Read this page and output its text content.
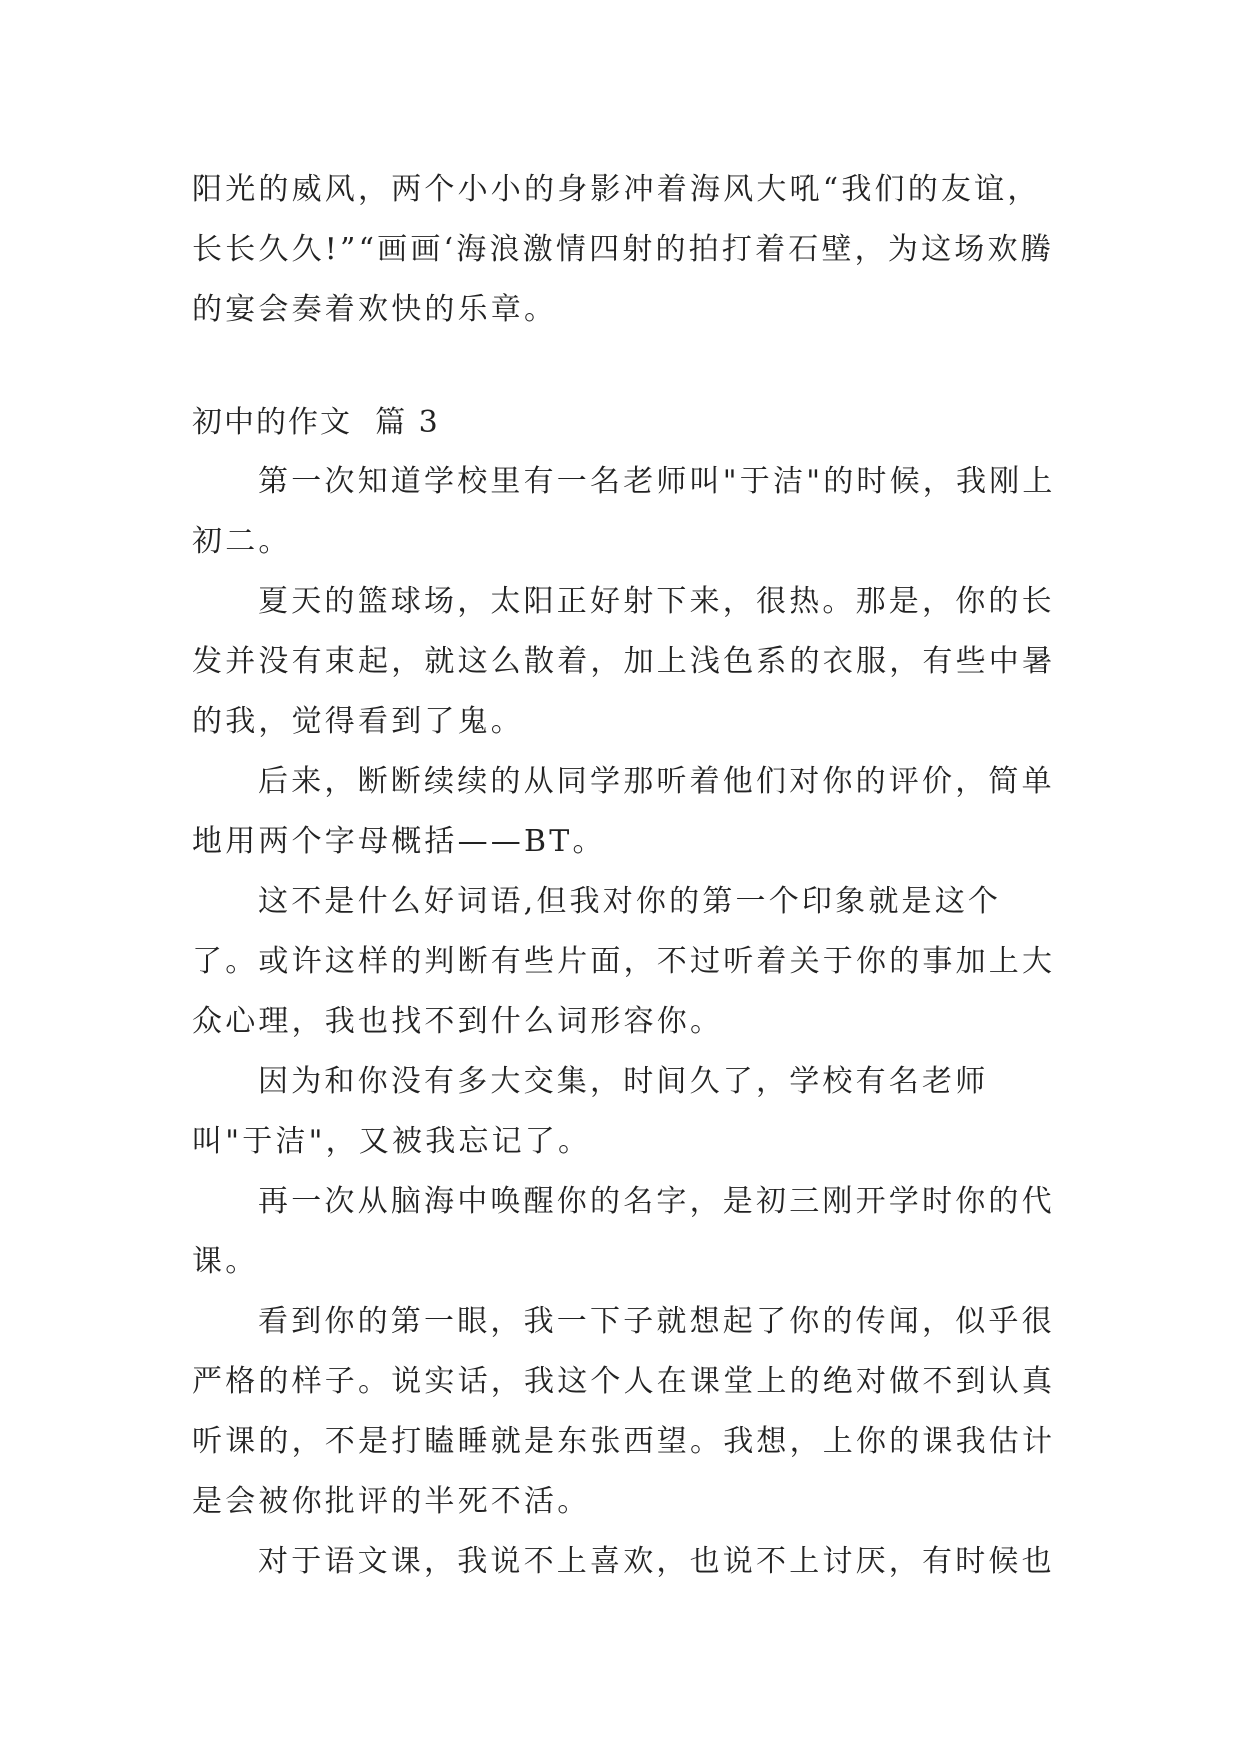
阳光的威风，两个小小的身影冲着海风大吼“我们的友谊，长长久久!”“画画‘海浪激情四射的拍打着石壁，为这场欢腾的宴会奏着欢快的乐章。

初中的作文  篇 3

第一次知道学校里有一名老师叫"于洁"的时候，我刚上初二。

夏天的篮球场，太阳正好射下来，很热。那是，你的长发并没有束起，就这么散着，加上浅色系的衣服，有些中暑的我，觉得看到了鬼。

后来，断断续续的从同学那听着他们对你的评价，简单地用两个字母概括——BT。

这不是什么好词语,但我对你的第一个印象就是这个了。或许这样的判断有些片面，不过听着关于你的事加上大众心理，我也找不到什么词形容你。

因为和你没有多大交集，时间久了，学校有名老师叫"于洁"，又被我忘记了。

再一次从脑海中唤醒你的名字，是初三刚开学时你的代课。

看到你的第一眼，我一下子就想起了你的传闻，似乎很严格的样子。说实话，我这个人在课堂上的绝对做不到认真听课的，不是打瞌睡就是东张西望。我想，上你的课我估计是会被你批评的半死不活。

对于语文课，我说不上喜欢，也说不上讨厌，有时候也
